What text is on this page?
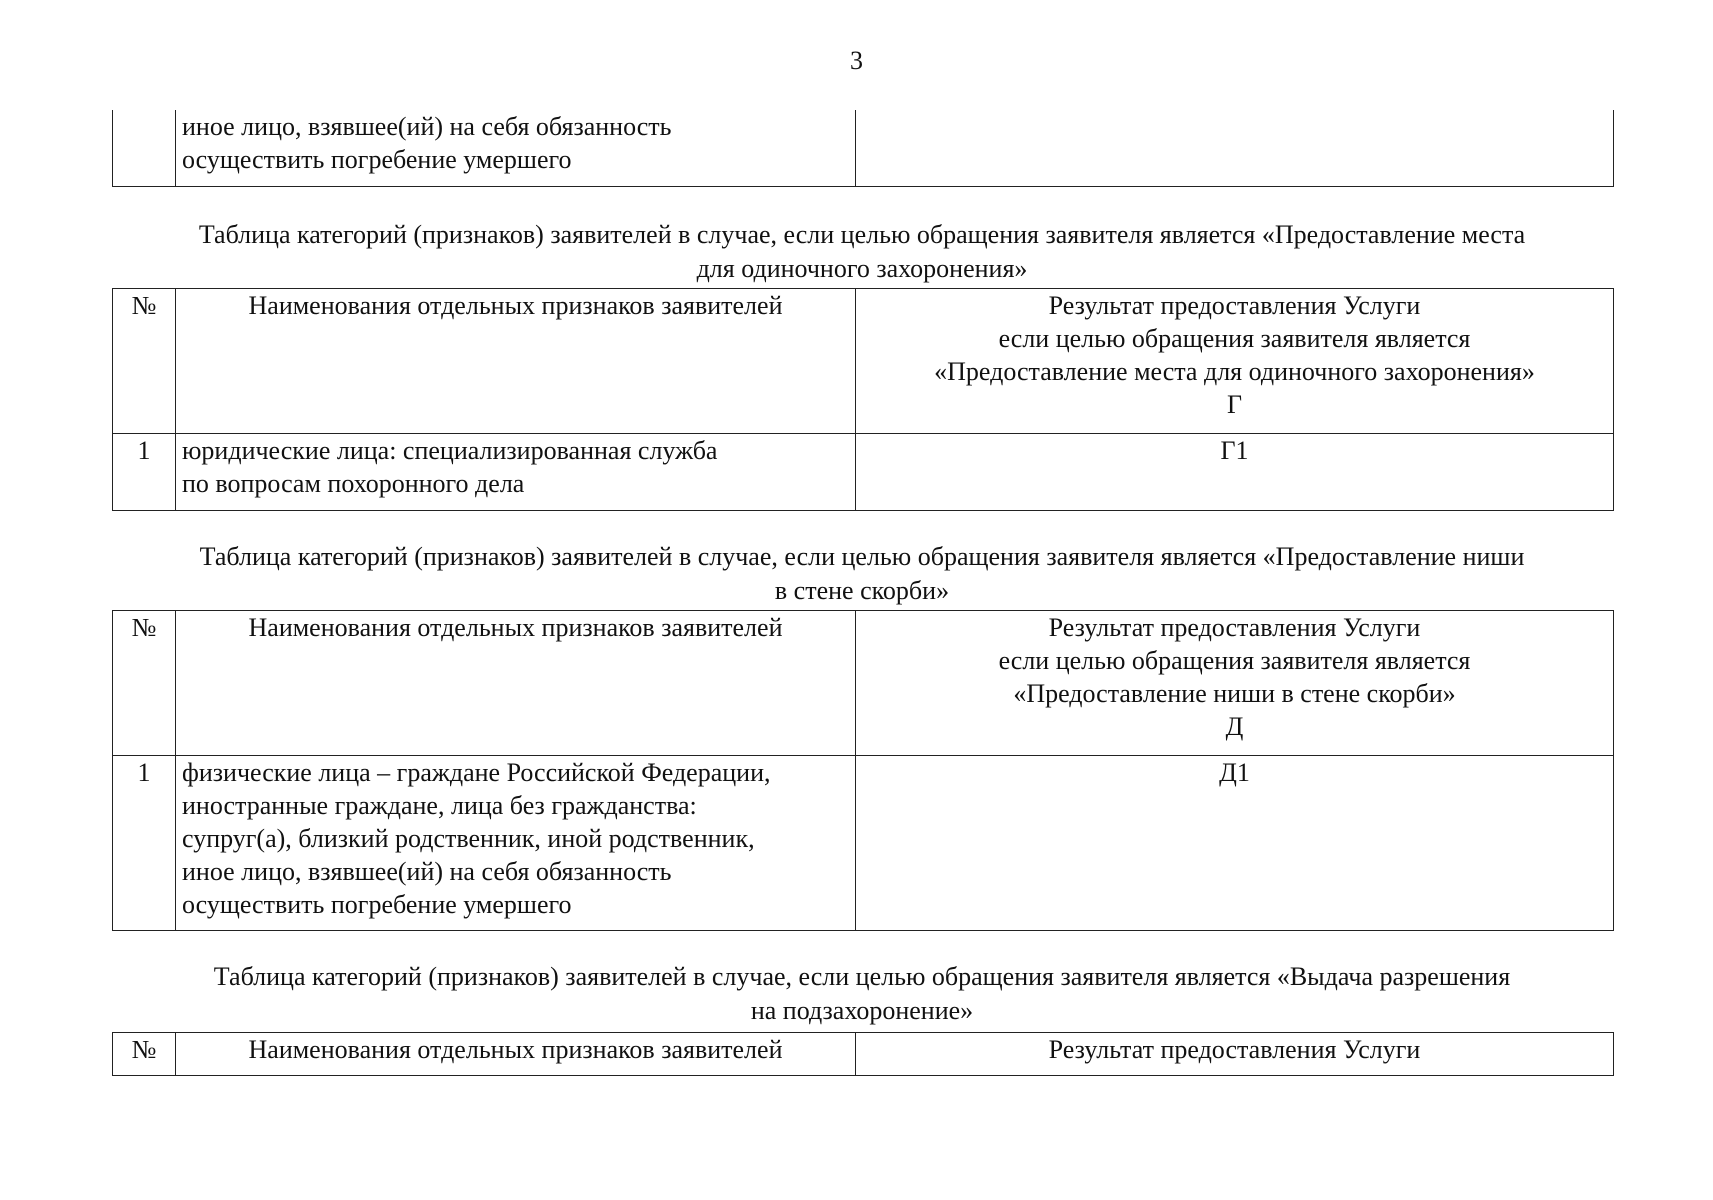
3

иное лицо, взявшее(ий) на себя обязанность
осуществить погребение умершего

Таблица категорий (признаков) заявителей в случае, если целью обращения заявителя является «Предоставление места
для одиночного захоронения»
№	Наименования отдельных признаков заявителей	Результат предоставления Услуги
если целью обращения заявителя является
«Предоставление места для одиночного захоронения»
Г

1	юридические лица: специализированная служба
по вопросам похоронного дела	Г1
Таблица категорий (признаков) заявителей в случае, если целью обращения заявителя является «Предоставление ниши
в стене скорби»
№	Наименования отдельных признаков заявителей	Результат предоставления Услуги
если целью обращения заявителя является
«Предоставление ниши в стене скорби»
Д

1	физические лица – граждане Российской Федерации,
иностранные граждане, лица без гражданства:
супруг(а), близкий родственник, иной родственник,
иное лицо, взявшее(ий) на себя обязанность
осуществить погребение умершего	Д1
Таблица категорий (признаков) заявителей в случае, если целью обращения заявителя является «Выдача разрешения
на подзахоронение»
№	Наименования отдельных признаков заявителей	Результат предоставления Услуги
